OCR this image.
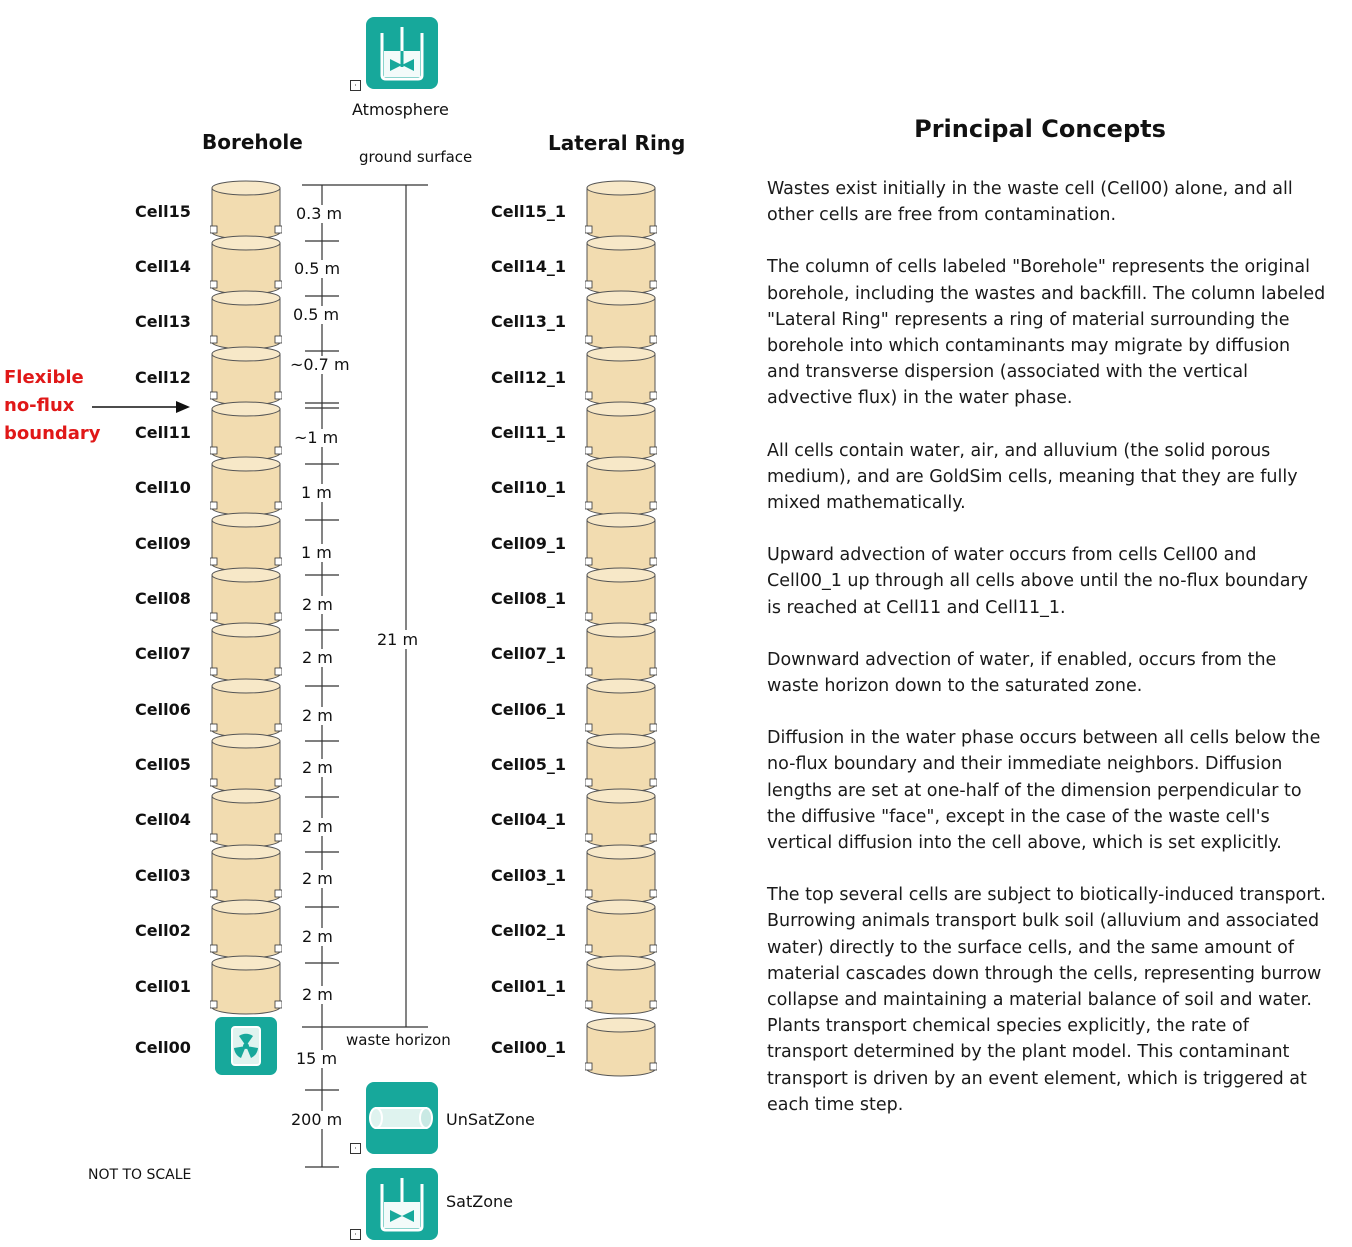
Borehole	Lateral Ring
·
Atmosphere
ground surface
Flexible
no-flux
boundary
Cell15
Cell14
Cell13
Cell12
Cell11
Cell10
Cell09
Cell08
Cell07
Cell06
Cell05
Cell04
Cell03
Cell02
Cell01
Cell00
Cell15_1
Cell14_1
Cell13_1
Cell12_1
Cell11_1
Cell10_1
Cell09_1
Cell08_1
Cell07_1
Cell06_1
Cell05_1
Cell04_1
Cell03_1
Cell02_1
Cell01_1
Cell00_1
0.3 m
0.5 m
0.5 m
~0.7 m
~1 m
1 m
1 m
2 m
2 m
2 m
2 m
2 m
2 m
2 m
2 m
21 m
waste horizon
15 m
200 m
·
UnSatZone
·
SatZone
NOT TO SCALE
Principal Concepts

Wastes exist initially in the waste cell (Cell00) alone, and all other cells are free from contamination.

The column of cells labeled "Borehole" represents the original borehole, including the wastes and backfill. The column labeled "Lateral Ring" represents a ring of material surrounding the borehole into which contaminants may migrate by diffusion and transverse dispersion (associated with the vertical advective flux) in the water phase.

All cells contain water, air, and alluvium (the solid porous medium), and are GoldSim cells, meaning that they are fully mixed mathematically.

Upward advection of water occurs from cells Cell00 and Cell00_1 up through all cells above until the no-flux boundary is reached at Cell11 and Cell11_1.

Downward advection of water, if enabled, occurs from the waste horizon down to the saturated zone.

Diffusion in the water phase occurs between all cells below the no-flux boundary and their immediate neighbors. Diffusion lengths are set at one-half of the dimension perpendicular to the diffusive "face", except in the case of the waste cell's vertical diffusion into the cell above, which is set explicitly.

The top several cells are subject to biotically-induced transport. Burrowing animals transport bulk soil (alluvium and associated water) directly to the surface cells, and the same amount of material cascades down through the cells, representing burrow collapse and maintaining a material balance of soil and water. Plants transport chemical species explicitly, the rate of transport determined by the plant model. This contaminant transport is driven by an event element, which is triggered at each time step.
